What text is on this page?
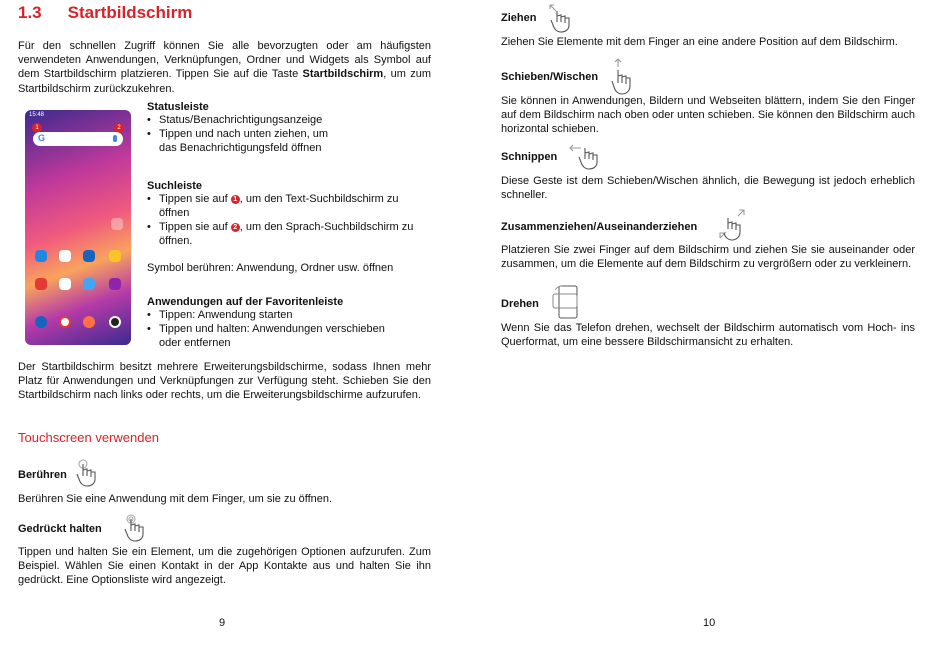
1.3 Startbildschirm

Für den schnellen Zugriff können Sie alle bevorzugten oder am häufigsten verwendeten Anwendungen, Verknüpfungen, Ordner und Widgets als Symbol auf dem Startbildschirm platzieren. Tippen Sie auf die Taste Startbildschirm, um zum Startbildschirm zurückzukehren.

15:48
1	2
G
Statusleiste
• Status/Benachrichtigungsanzeige
• Tippen und nach unten ziehen, um das Benachrichtigungsfeld öffnen
Suchleiste
• Tippen sie auf 1 , um den Text-Suchbildschirm zu öffnen
• Tippen sie auf 2 , um den Sprach-Suchbildschirm zu öffnen.
Symbol berühren: Anwendung, Ordner usw. öffnen
Anwendungen auf der Favoritenleiste
• Tippen: Anwendung starten
• Tippen und halten: Anwendungen verschieben oder entfernen

Der Startbildschirm besitzt mehrere Erweiterungsbildschirme, sodass Ihnen mehr Platz für Anwendungen und Verknüpfungen zur Verfügung steht. Schieben Sie den Startbildschirm nach links oder rechts, um die Erweiterungsbildschirme aufzurufen.

Touchscreen verwenden
Berühren

Berühren Sie eine Anwendung mit dem Finger, um sie zu öffnen.

Gedrückt halten

Tippen und halten Sie ein Element, um die zugehörigen Optionen aufzurufen. Zum Beispiel. Wählen Sie einen Kontakt in der App Kontakte aus und halten Sie ihn gedrückt. Eine Optionsliste wird angezeigt.

9
Ziehen

Ziehen Sie Elemente mit dem Finger an eine andere Position auf dem Bildschirm.

Schieben/Wischen

Sie können in Anwendungen, Bildern und Webseiten blättern, indem Sie den Finger auf dem Bildschirm nach oben oder unten schieben. Sie können den Bildschirm auch horizontal schieben.

Schnippen

Diese Geste ist dem Schieben/Wischen ähnlich, die Bewegung ist jedoch erheblich schneller.

Zusammenziehen/Auseinanderziehen

Platzieren Sie zwei Finger auf dem Bildschirm und ziehen Sie sie auseinander oder zusammen, um die Elemente auf dem Bildschirm zu vergrößern oder zu verkleinern.

Drehen

Wenn Sie das Telefon drehen, wechselt der Bildschirm automatisch vom Hoch- ins Querformat, um eine bessere Bildschirmansicht zu erhalten.

10
